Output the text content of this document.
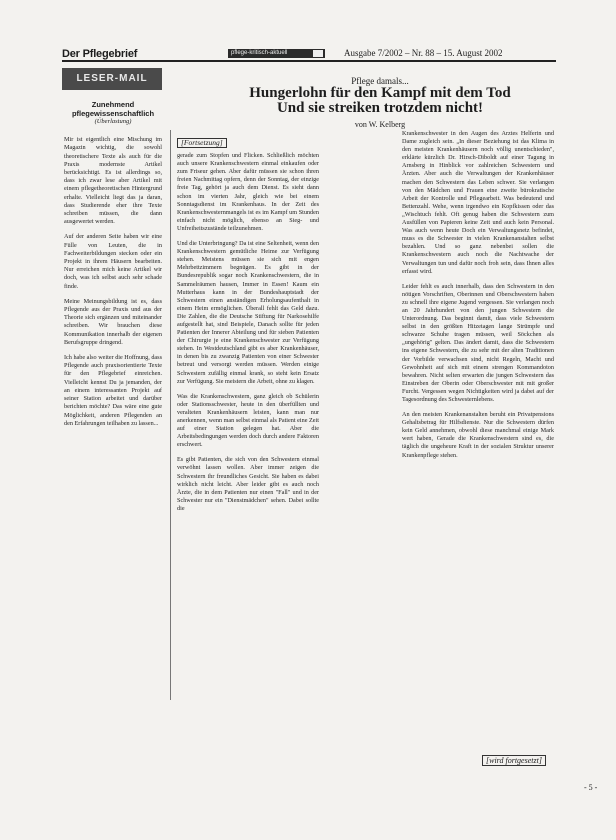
Der Pflegebrief	pflege-kritisch-aktuell	Ausgabe 7/2002 – Nr. 88 – 15. August 2002
LESER-MAIL

Zunehmend pflegewissenschaftlich

(Überlastung)

Mir ist eigentlich eine Mischung im Magazin wichtig, die sowohl theoretischere Texte als auch für die Praxis modernste Artikel berücksichtigt. Es ist allerdings so, dass ich zwar lese aber Artikel mit einem pflegetheoretischen Hintergrund erhalte. Vielleicht liegt das ja daran, dass Studierende eher ihre Texte schreiben müssen, die dann ausgewertet werden.

Auf der anderen Seite haben wir eine Fülle von Leuten, die in Fachweiterbildungen stecken oder ein Projekt in ihrem Häusern bearbeiten. Nur erreichen mich keine Artikel wir doch, was ich selbst auch sehr schade finde.

Meine Meinungsbildung ist es, dass Pflegende aus der Praxis und aus der Theorie sich ergänzen und miteinander schreiben. Wir brauchen diese Kommunikation innerhalb der eigenen Berufsgruppe dringend.

Ich habe also weiter die Hoffnung, dass Pflegende auch praxisorientierte Texte für den Pflegebrief einreichen. Vielleicht kennst Du ja jemanden, der an einem interessanten Projekt auf seiner Station arbeitet und darüber berichten möchte? Das wäre eine gute Möglichkeit, anderen Pflegenden an den Erfahrungen teilhaben zu lassen...

Pflege damals...
Hungerlohn für den Kampf mit dem Tod
Und sie streiken trotzdem nicht!
von W. Kelberg
[Fortsetzung]

gerade zum Stopfen und Flicken. Schließlich möchten auch unsere Krankenschwestern einmal einkaufen oder zum Friseur gehen. Aber dafür müssen sie schon ihren freien Nachmittag opfern, denn der Sonntag, der einzige freie Tag, gehört ja auch dem Dienst. Es sieht dann schon im vierten Jahr, gleich wie bei einem Sonntagsdienst im Krankenhaus. In der Zeit des Krankenschwesternmangels ist es im Kampf um Stunden einfach nicht möglich, ebenso an Sieg- und Unfreiheitszustände teilzunehmen.

Und die Unterbringung? Da ist eine Seltenheit, wenn den Krankenschwestern gemütliche Heime zur Verfügung stehen. Meistens müssen sie sich mit engen Mehrbettzimmern begnügen. Es gibt in der Bundesrepublik sogar noch Krankenschwestern, die in Sammelräumen hausen, Immer in Essen! Kaum ein Mutterhaus kann in der Bundeshauptstadt der Schwestern einen anständigen Erholungsaufenthalt in einem Heim ermöglichen. Überall fehlt das Geld dazu. Die Zahlen, die die Deutsche Stiftung für Narkosehilfe aufgestellt hat, sind Beispiele, Danach sollte für jeden Patienten der Innerer Abteilung und für sieben Patienten der Chirurgie je eine Krankenschwester zur Verfügung stehen. In Westdeutschland gibt es aber Krankenhäuser, in denen bis zu zwanzig Patienten von einer Schwester betreut und versorgt werden müssen. Werden einige Schwestern zufällig einmal krank, so steht kein Ersatz zur Verfügung. Sie meistern die Arbeit, ohne zu klagen.

Was die Krankenschwestern, ganz gleich ob Schülerin oder Stationsschwester, heute in den überfüllten und veralteten Krankenhäusern leisten, kann man nur anerkennen, wenn man selbst einmal als Patient eine Zeit auf einer Station gelegen hat. Aber die Arbeitsbedingungen werden doch durch andere Faktoren erschwert.

Es gibt Patienten, die sich von den Schwestern einmal verwöhnt lassen wollen. Aber immer zeigen die Schwestern ihr freundliches Gesicht. Sie haben es dabei wirklich nicht leicht. Aber leider gibt es auch noch Ärzte, die in dem Patienten nur einen "Fall" und in der Schwester nur ein "Dienstmädchen" sehen. Dabei sollte die

Krankenschwester in den Augen des Arztes Helferin und Dame zugleich sein. „In dieser Beziehung ist das Klima in den meisten Krankenhäusern noch völlig unentschieden", erklärte kürzlich Dr. Hirsch-Diboldt auf einer Tagung in Arnsberg in Hinblick vor zahlreichen Schwestern und Ärzten. Aber auch die Verwaltungen der Krankenhäuser machen den Schwestern das Leben schwer. Sie verlangen von den Mädchen und Frauen eine zweite bürokratische Arbeit der Kontrolle und Pflegearbeit. Was bedeutend und Bettenzahl. Wehe, wenn irgendwo ein Kopfkissen oder das „Wischtuch fehlt. Oft genug haben die Schwestern zum Ausfüllen von Papieren keine Zeit und auch kein Personal. Was auch wenn heute Doch ein Verwaltungsnetz befindet, muss es die Schwester in vielen Krankenanstalten selbst bezahlen. Und so ganz nebenbei sollen die Krankenschwestern auch noch die Nachtwache der Verwaltungen tun und dafür noch froh sein, dass Ihnen alles erfasst wird.

Leider fehlt es auch innerhalb, dass den Schwestern in den nötigen Vorschriften, Oberinnen und Oberschwestern haben zu schnell ihre eigene Jugend vergessen. Sie verlangen noch an 20 Jahrhundert von den jungen Schwestern die Unterordnung. Das beginnt damit, dass viele Schwestern selbst in den größten Hitzetagen lange Strümpfe und schwarze Schuhe tragen müssen, weil Söckchen als „ungehörig" gelten. Das ändert damit, dass die Schwestern ins eigene Schwestern, die zu sehr mit der alten Traditionen der Vorbilde verwachsen sind, nicht Regeln, Macht und Gewohnheit auf sich mit einem strengen Kommandoton bewahren. Nicht selten erwarten die jungen Schwestern das Einstreben der Oberin oder Oberschwester mit mit großer Furcht. Vergessen wegen Nichtigkeiten wird ja dabei auf der Tagesordnung des Schwesternlebens.

An den meisten Krankenanstalten beruht ein Privatpensions Gehaltsbetrag für Hilfsdienste. Nur die Schwestern dürfen kein Geld annehmen, obwohl diese manchmal einige Mark wert haben, Gerade die Krankenschwestern sind es, die täglich die ungeheure Kraft in der sozialen Struktur unserer Krankenpflege stehen.

[wird fortgesetzt]
- 5 -
